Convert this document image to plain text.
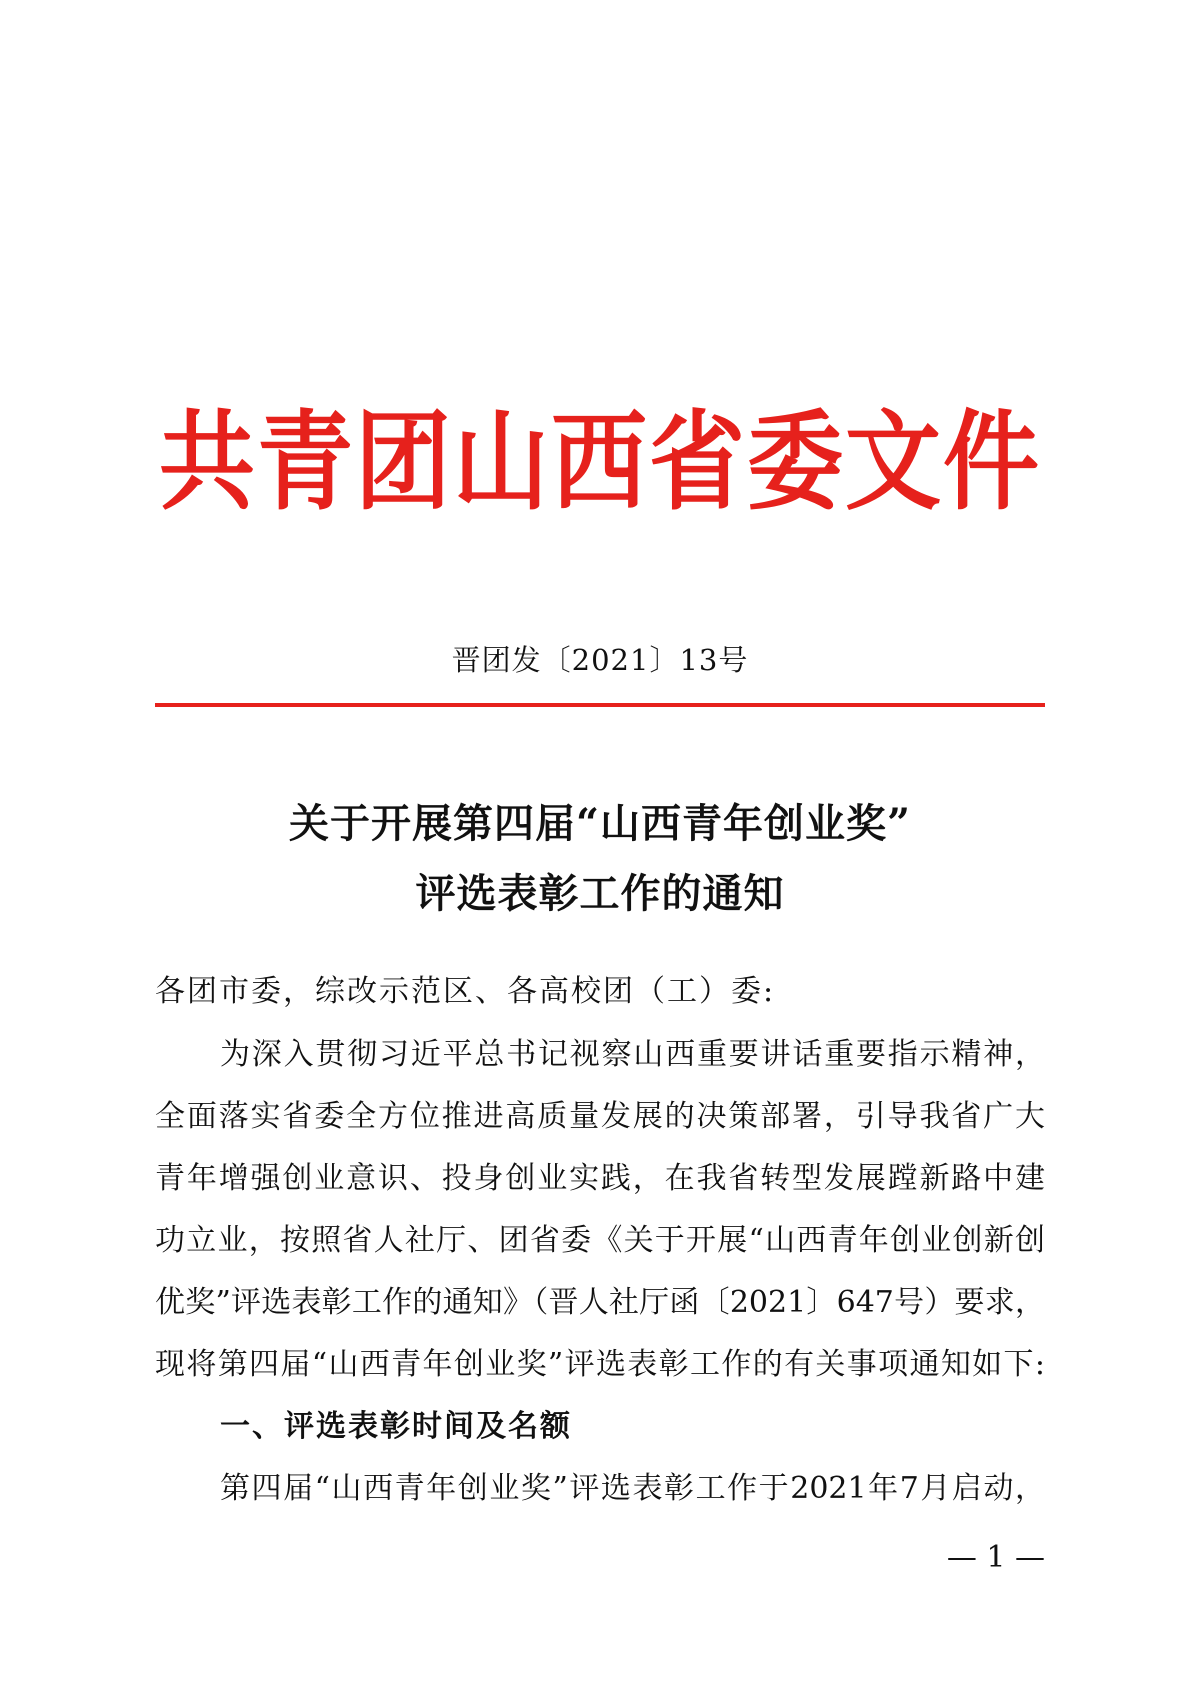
共青团山西省委文件
晋团发〔2021〕13号
关于开展第四届“山西青年创业奖”
评选表彰工作的通知
各团市委，综改示范区、各高校团（工）委:
为深入贯彻习近平总书记视察山西重要讲话重要指示精神，
全面落实省委全方位推进高质量发展的决策部署，引导我省广大
青年增强创业意识、投身创业实践，在我省转型发展蹚新路中建
功立业，按照省人社厅、团省委《关于开展“山西青年创业创新创
优奖”评选表彰工作的通知》（晋人社厅函〔2021〕647号）要求，
现将第四届“山西青年创业奖”评选表彰工作的有关事项通知如下:
一、评选表彰时间及名额
第四届“山西青年创业奖”评选表彰工作于2021年7月启动，
— 1 —
